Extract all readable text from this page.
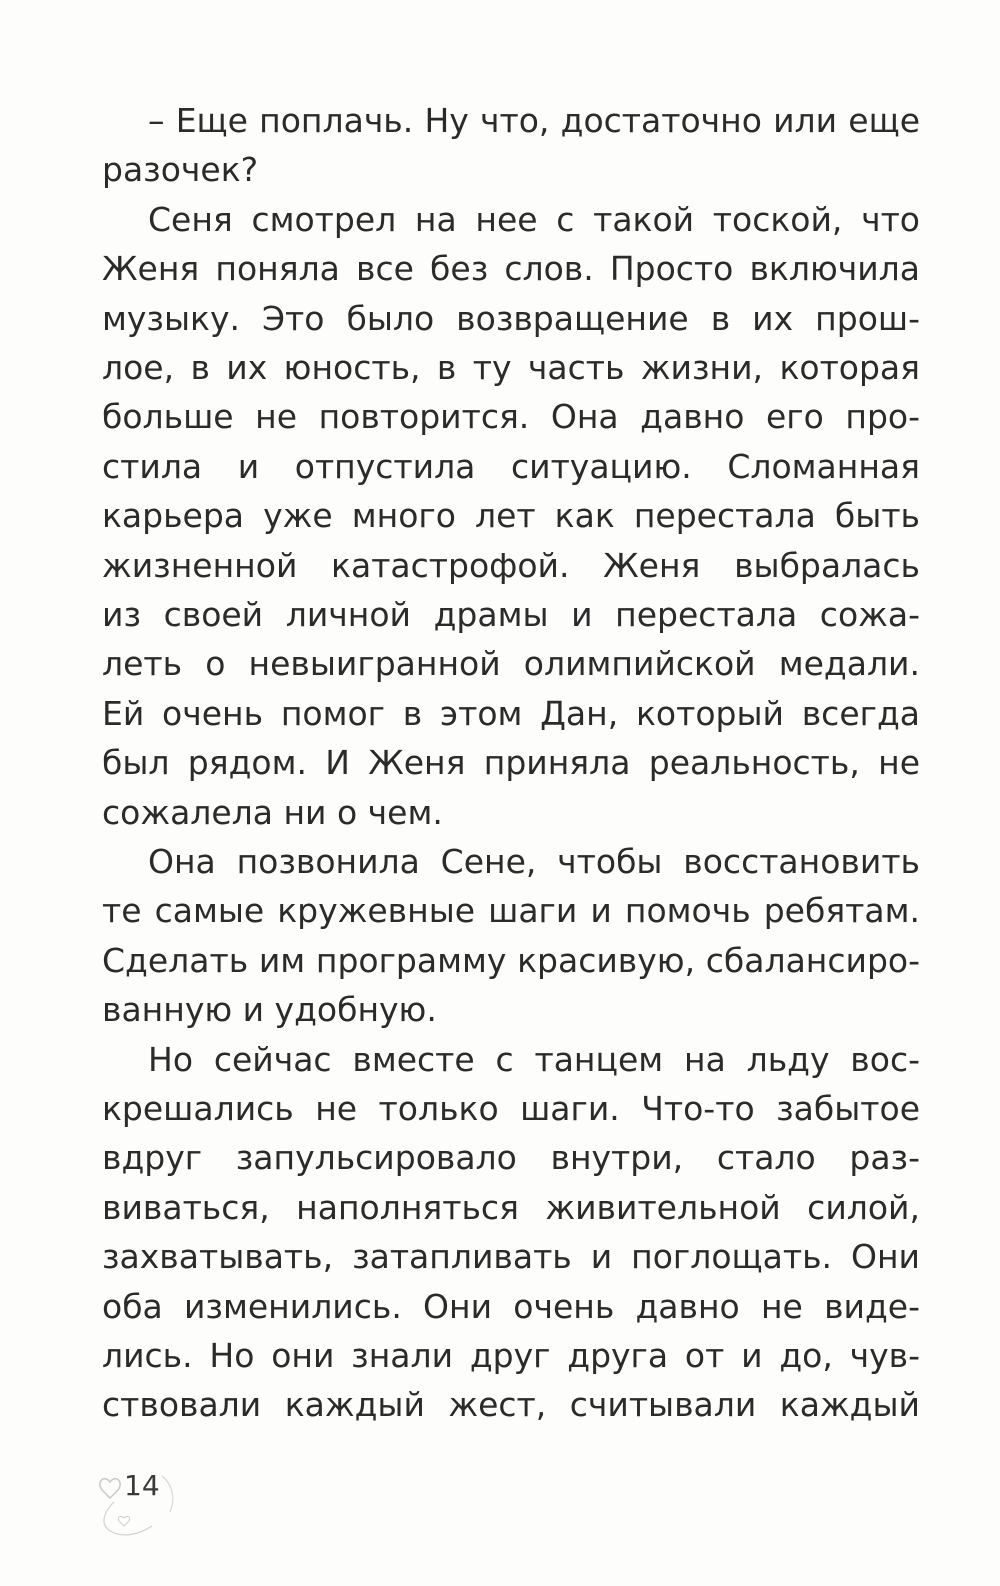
– Еще поплачь. Ну что, достаточно или еще
разочек?
Сеня смотрел на нее с такой тоской, что
Женя поняла все без слов. Просто включила
музыку. Это было возвращение в их прош-
лое, в их юность, в ту часть жизни, которая
больше не повторится. Она давно его про-
стила и отпустила ситуацию. Сломанная
карьера уже много лет как перестала быть
жизненной катастрофой. Женя выбралась
из своей личной драмы и перестала сожа-
леть о невыигранной олимпийской медали.
Ей очень помог в этом Дан, который всегда
был рядом. И Женя приняла реальность, не
сожалела ни о чем.
Она позвонила Сене, чтобы восстановить
те самые кружевные шаги и помочь ребятам.
Сделать им программу красивую, сбалансиро-
ванную и удобную.
Но сейчас вместе с танцем на льду вос-
крешались не только шаги. Что-то забытое
вдруг запульсировало внутри, стало раз-
виваться, наполняться живительной силой,
захватывать, затапливать и поглощать. Они
оба изменились. Они очень давно не виде-
лись. Но они знали друг друга от и до, чув-
ствовали каждый жест, считывали каждый
14
